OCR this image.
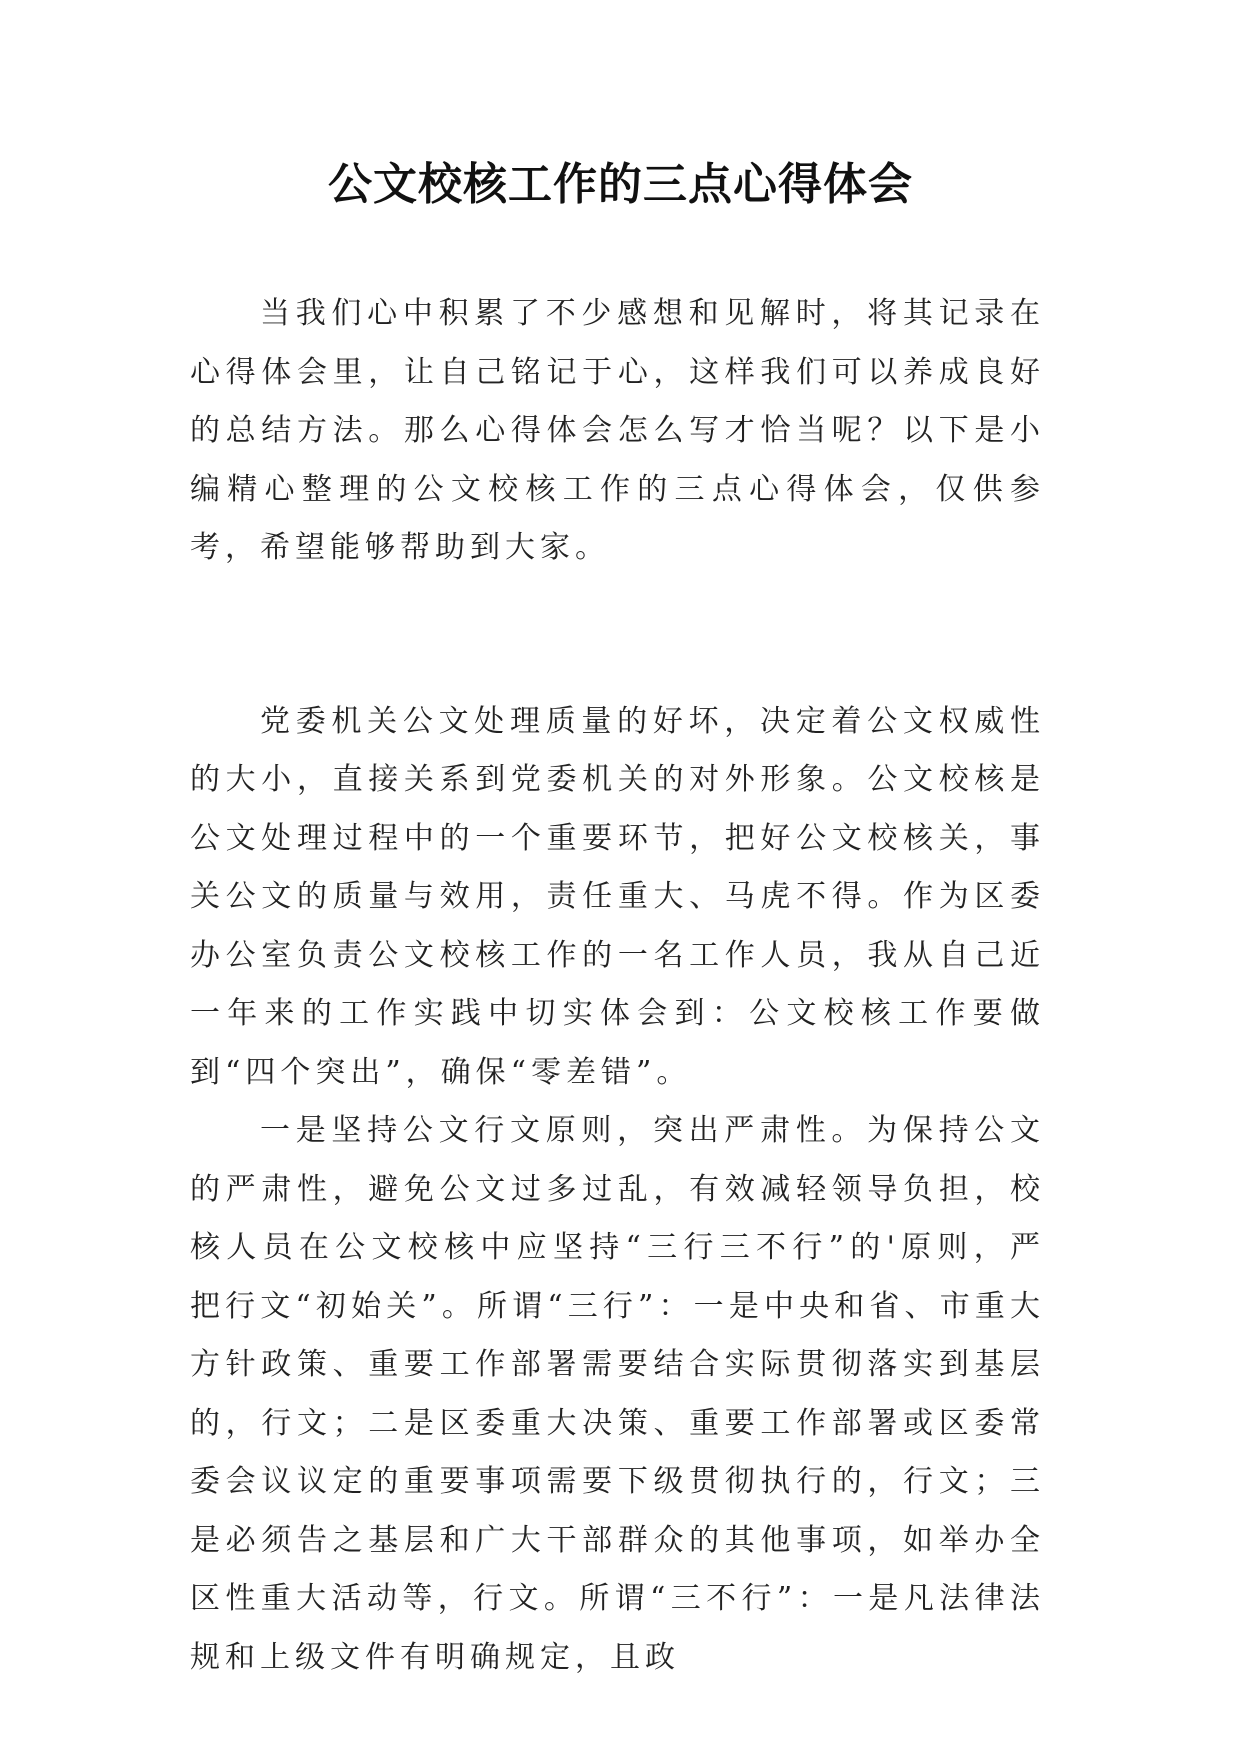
公文校核工作的三点心得体会

当我们心中积累了不少感想和见解时，将其记录在心得体会里，让自己铭记于心，这样我们可以养成良好的总结方法。那么心得体会怎么写才恰当呢？以下是小编精心整理的公文校核工作的三点心得体会，仅供参考，希望能够帮助到大家。

党委机关公文处理质量的好坏，决定着公文权威性的大小，直接关系到党委机关的对外形象。公文校核是公文处理过程中的一个重要环节，把好公文校核关，事关公文的质量与效用，责任重大、马虎不得。作为区委办公室负责公文校核工作的一名工作人员，我从自己近一年来的工作实践中切实体会到：公文校核工作要做到“四个突出”，确保“零差错”。

一是坚持公文行文原则，突出严肃性。为保持公文的严肃性，避免公文过多过乱，有效减轻领导负担，校核人员在公文校核中应坚持“三行三不行”的'原则，严把行文“初始关”。所谓“三行”：一是中央和省、市重大方针政策、重要工作部署需要结合实际贯彻落实到基层的，行文；二是区委重大决策、重要工作部署或区委常委会议议定的重要事项需要下级贯彻执行的，行文；三是必须告之基层和广大干部群众的其他事项，如举办全区性重大活动等，行文。所谓“三不行”：一是凡法律法规和上级文件有明确规定，且政
